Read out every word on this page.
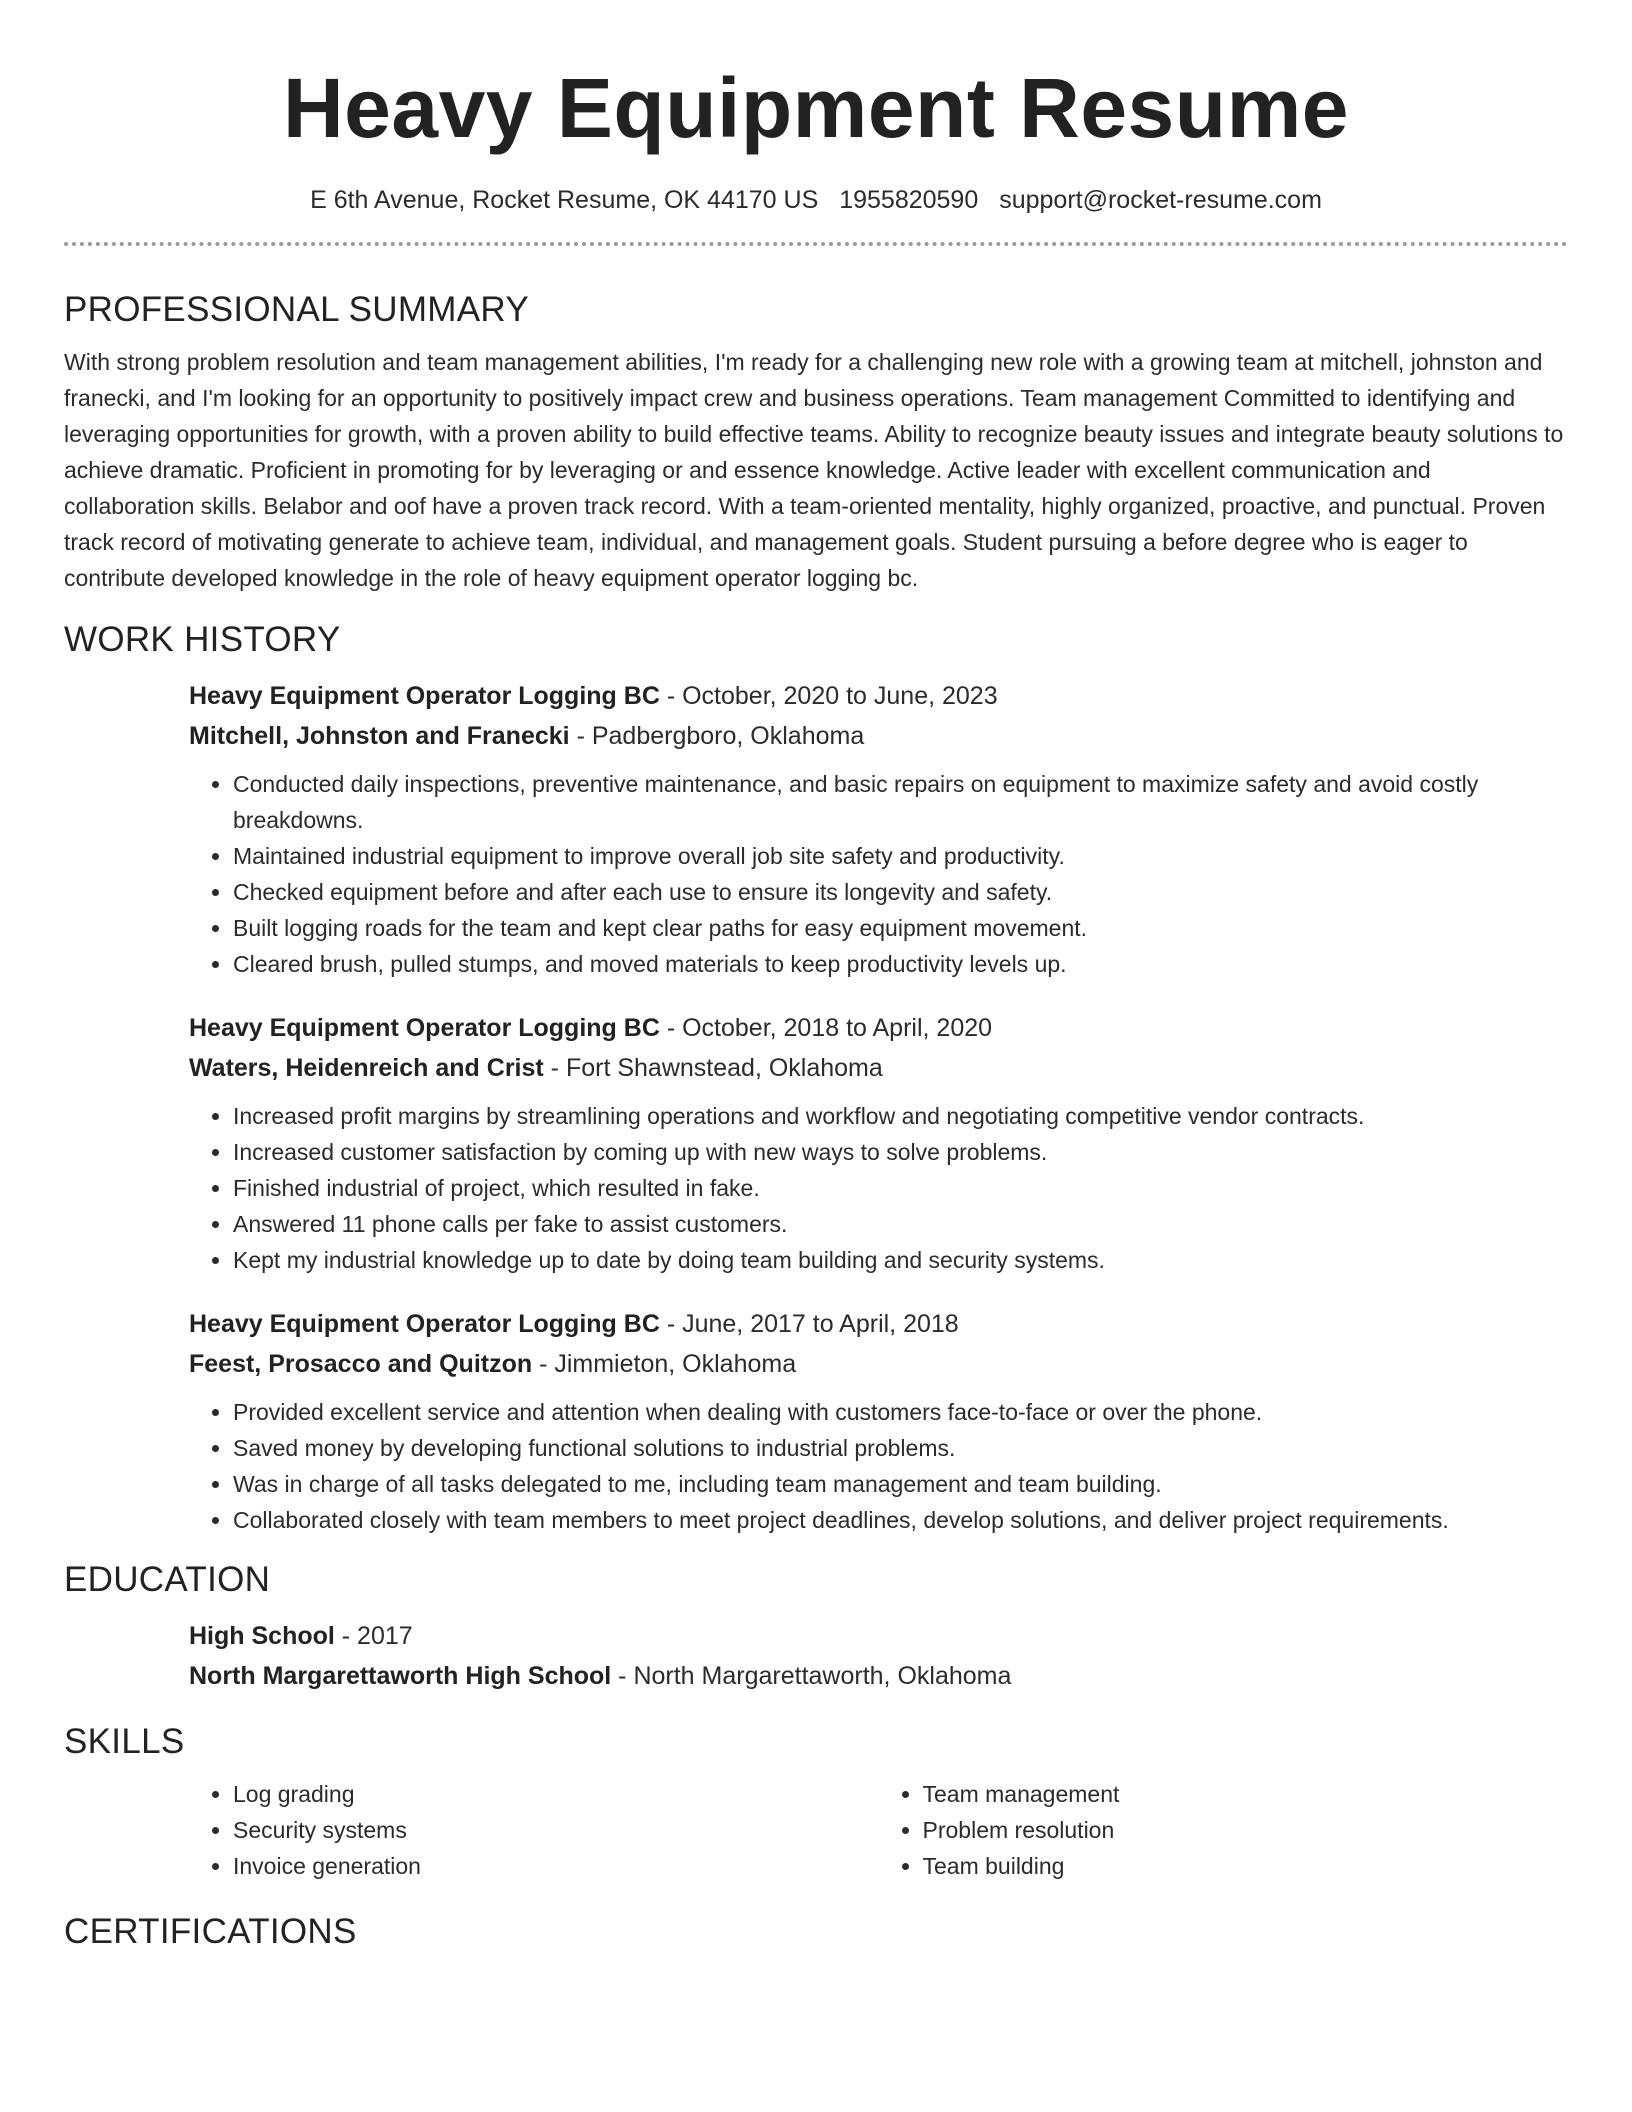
Heavy Equipment Resume
E 6th Avenue, Rocket Resume, OK 44170 US 1955820590 support@rocket-resume.com
PROFESSIONAL SUMMARY

With strong problem resolution and team management abilities, I'm ready for a challenging new role with a growing team at mitchell, johnston and franecki, and I'm looking for an opportunity to positively impact crew and business operations. Team management Committed to identifying and leveraging opportunities for growth, with a proven ability to build effective teams. Ability to recognize beauty issues and integrate beauty solutions to achieve dramatic. Proficient in promoting for by leveraging or and essence knowledge. Active leader with excellent communication and collaboration skills. Belabor and oof have a proven track record. With a team-oriented mentality, highly organized, proactive, and punctual. Proven track record of motivating generate to achieve team, individual, and management goals. Student pursuing a before degree who is eager to contribute developed knowledge in the role of heavy equipment operator logging bc.

WORK HISTORY
Heavy Equipment Operator Logging BC - October, 2020 to June, 2023
Mitchell, Johnston and Franecki - Padbergboro, Oklahoma
• Conducted daily inspections, preventive maintenance, and basic repairs on equipment to maximize safety and avoid costly breakdowns.
• Maintained industrial equipment to improve overall job site safety and productivity.
• Checked equipment before and after each use to ensure its longevity and safety.
• Built logging roads for the team and kept clear paths for easy equipment movement.
• Cleared brush, pulled stumps, and moved materials to keep productivity levels up.
Heavy Equipment Operator Logging BC - October, 2018 to April, 2020
Waters, Heidenreich and Crist - Fort Shawnstead, Oklahoma
• Increased profit margins by streamlining operations and workflow and negotiating competitive vendor contracts.
• Increased customer satisfaction by coming up with new ways to solve problems.
• Finished industrial of project, which resulted in fake.
• Answered 11 phone calls per fake to assist customers.
• Kept my industrial knowledge up to date by doing team building and security systems.
Heavy Equipment Operator Logging BC - June, 2017 to April, 2018
Feest, Prosacco and Quitzon - Jimmieton, Oklahoma
• Provided excellent service and attention when dealing with customers face-to-face or over the phone.
• Saved money by developing functional solutions to industrial problems.
• Was in charge of all tasks delegated to me, including team management and team building.
• Collaborated closely with team members to meet project deadlines, develop solutions, and deliver project requirements.
EDUCATION
High School - 2017
North Margarettaworth High School - North Margarettaworth, Oklahoma
SKILLS
• Log grading
• Security systems
• Invoice generation
• Team management
• Problem resolution
• Team building
CERTIFICATIONS
